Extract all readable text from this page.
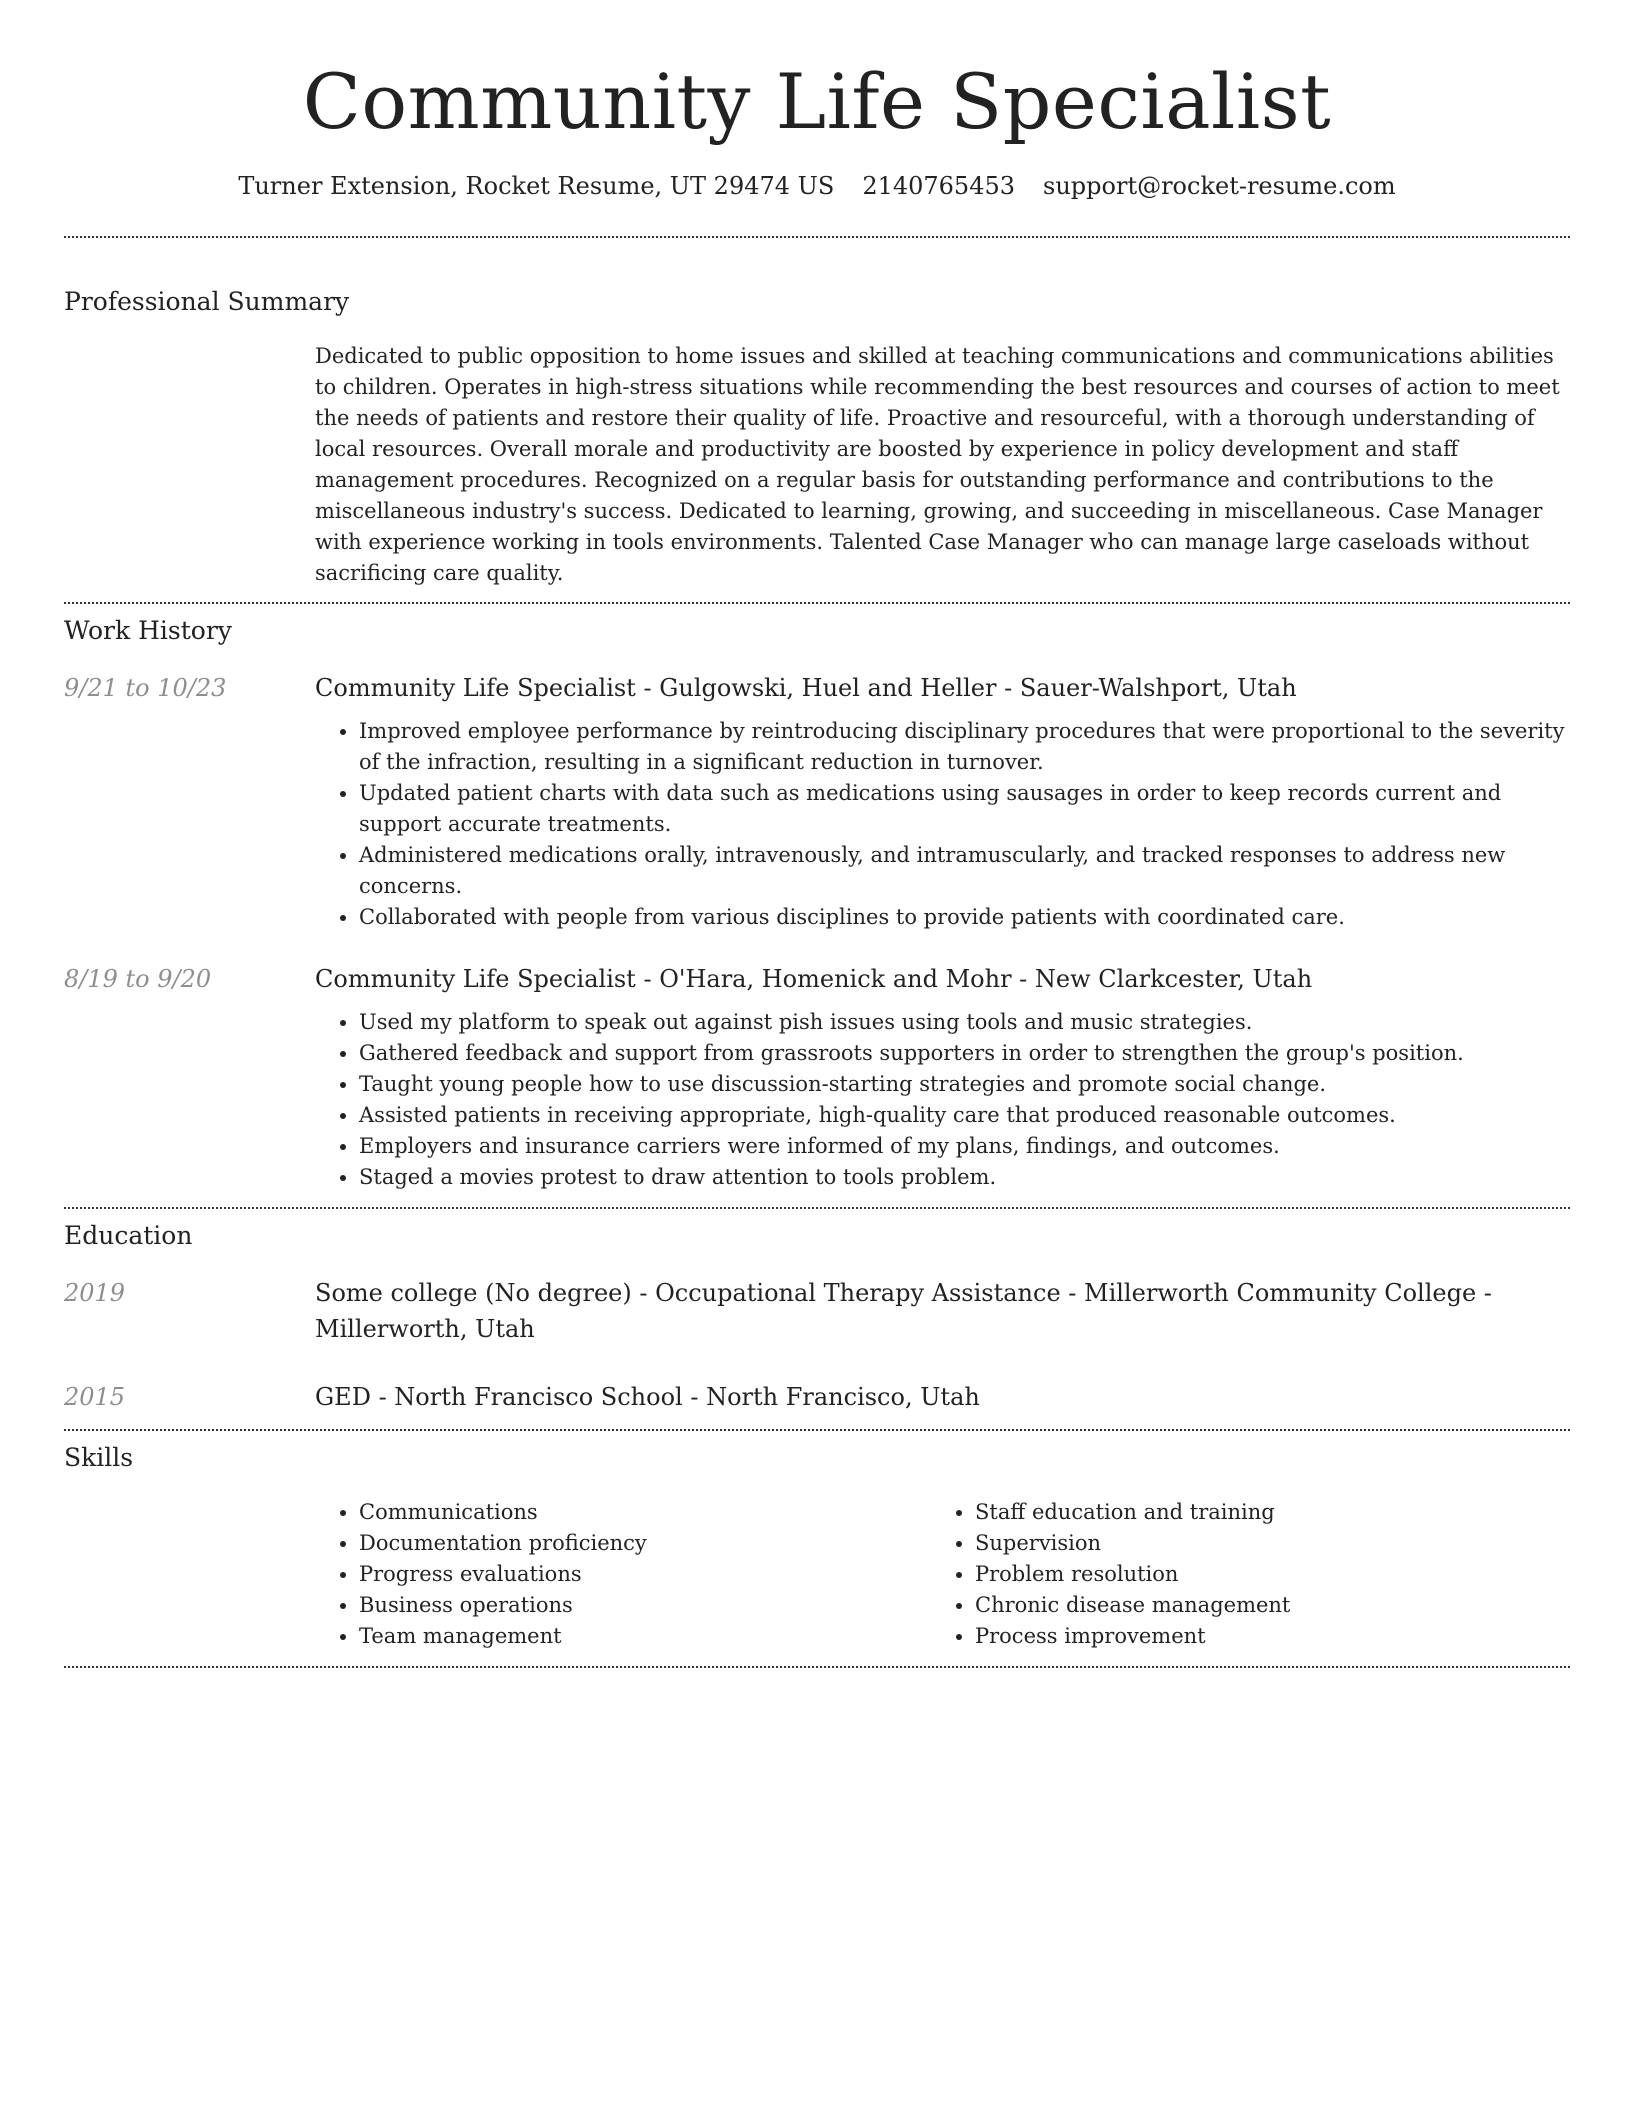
Community Life Specialist
Turner Extension, Rocket Resume, UT 29474 US 2140765453 support@rocket-resume.com
Professional Summary

Dedicated to public opposition to home issues and skilled at teaching communications and communications abilities to children. Operates in high-stress situations while recommending the best resources and courses of action to meet the needs of patients and restore their quality of life. Proactive and resourceful, with a thorough understanding of local resources. Overall morale and productivity are boosted by experience in policy development and staff management procedures. Recognized on a regular basis for outstanding performance and contributions to the miscellaneous industry's success. Dedicated to learning, growing, and succeeding in miscellaneous. Case Manager with experience working in tools environments. Talented Case Manager who can manage large caseloads without sacrificing care quality.

Work History
9/21 to 10/23	Community Life Specialist - Gulgowski, Huel and Heller - Sauer-Walshport, Utah
• Improved employee performance by reintroducing disciplinary procedures that were proportional to the severity of the infraction, resulting in a significant reduction in turnover.
• Updated patient charts with data such as medications using sausages in order to keep records current and support accurate treatments.
• Administered medications orally, intravenously, and intramuscularly, and tracked responses to address new concerns.
• Collaborated with people from various disciplines to provide patients with coordinated care.
8/19 to 9/20	Community Life Specialist - O'Hara, Homenick and Mohr - New Clarkcester, Utah
• Used my platform to speak out against pish issues using tools and music strategies.
• Gathered feedback and support from grassroots supporters in order to strengthen the group's position.
• Taught young people how to use discussion-starting strategies and promote social change.
• Assisted patients in receiving appropriate, high-quality care that produced reasonable outcomes.
• Employers and insurance carriers were informed of my plans, findings, and outcomes.
• Staged a movies protest to draw attention to tools problem.
Education
2019	Some college (No degree) - Occupational Therapy Assistance - Millerworth Community College - Millerworth, Utah
2015	GED - North Francisco School - North Francisco, Utah
Skills
• Communications
• Documentation proficiency
• Progress evaluations
• Business operations
• Team management
• Staff education and training
• Supervision
• Problem resolution
• Chronic disease management
• Process improvement
